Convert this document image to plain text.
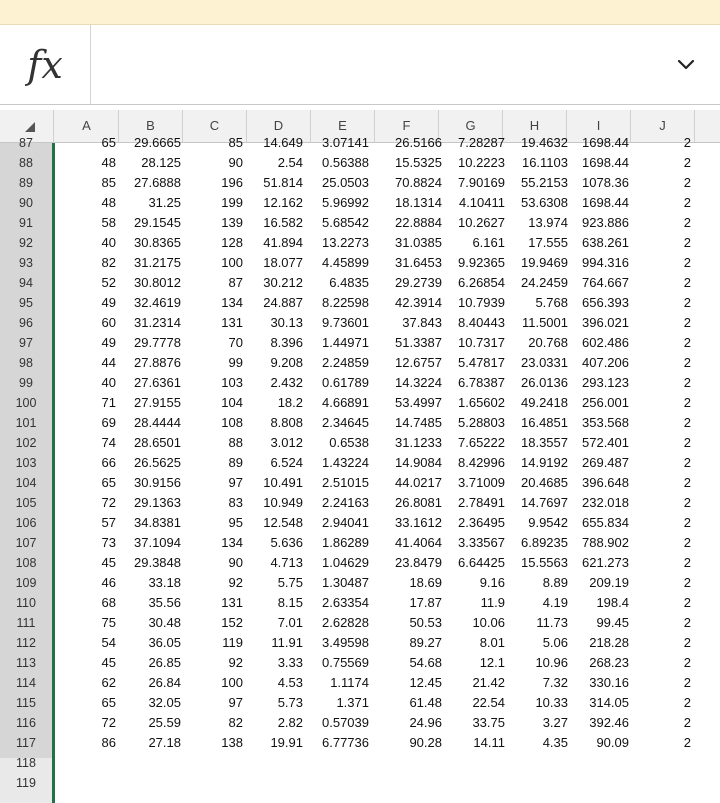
fx
A	B	C	D	E	F	G	H	I	J
87	65	29.6665	85	14.649	3.07141	26.5166	7.28287	19.4632	1698.44	2
88	48	28.125	90	2.54	0.56388	15.5325	10.2223	16.1103	1698.44	2
89	85	27.6888	196	51.814	25.0503	70.8824	7.90169	55.2153	1078.36	2
90	48	31.25	199	12.162	5.96992	18.1314	4.10411	53.6308	1698.44	2
91	58	29.1545	139	16.582	5.68542	22.8884	10.2627	13.974	923.886	2
92	40	30.8365	128	41.894	13.2273	31.0385	6.161	17.555	638.261	2
93	82	31.2175	100	18.077	4.45899	31.6453	9.92365	19.9469	994.316	2
94	52	30.8012	87	30.212	6.4835	29.2739	6.26854	24.2459	764.667	2
95	49	32.4619	134	24.887	8.22598	42.3914	10.7939	5.768	656.393	2
96	60	31.2314	131	30.13	9.73601	37.843	8.40443	11.5001	396.021	2
97	49	29.7778	70	8.396	1.44971	51.3387	10.7317	20.768	602.486	2
98	44	27.8876	99	9.208	2.24859	12.6757	5.47817	23.0331	407.206	2
99	40	27.6361	103	2.432	0.61789	14.3224	6.78387	26.0136	293.123	2
100	71	27.9155	104	18.2	4.66891	53.4997	1.65602	49.2418	256.001	2
101	69	28.4444	108	8.808	2.34645	14.7485	5.28803	16.4851	353.568	2
102	74	28.6501	88	3.012	0.6538	31.1233	7.65222	18.3557	572.401	2
103	66	26.5625	89	6.524	1.43224	14.9084	8.42996	14.9192	269.487	2
104	65	30.9156	97	10.491	2.51015	44.0217	3.71009	20.4685	396.648	2
105	72	29.1363	83	10.949	2.24163	26.8081	2.78491	14.7697	232.018	2
106	57	34.8381	95	12.548	2.94041	33.1612	2.36495	9.9542	655.834	2
107	73	37.1094	134	5.636	1.86289	41.4064	3.33567	6.89235	788.902	2
108	45	29.3848	90	4.713	1.04629	23.8479	6.64425	15.5563	621.273	2
109	46	33.18	92	5.75	1.30487	18.69	9.16	8.89	209.19	2
110	68	35.56	131	8.15	2.63354	17.87	11.9	4.19	198.4	2
111	75	30.48	152	7.01	2.62828	50.53	10.06	11.73	99.45	2
112	54	36.05	119	11.91	3.49598	89.27	8.01	5.06	218.28	2
113	45	26.85	92	3.33	0.75569	54.68	12.1	10.96	268.23	2
114	62	26.84	100	4.53	1.1174	12.45	21.42	7.32	330.16	2
115	65	32.05	97	5.73	1.371	61.48	22.54	10.33	314.05	2
116	72	25.59	82	2.82	0.57039	24.96	33.75	3.27	392.46	2
117	86	27.18	138	19.91	6.77736	90.28	14.11	4.35	90.09	2
118
119
